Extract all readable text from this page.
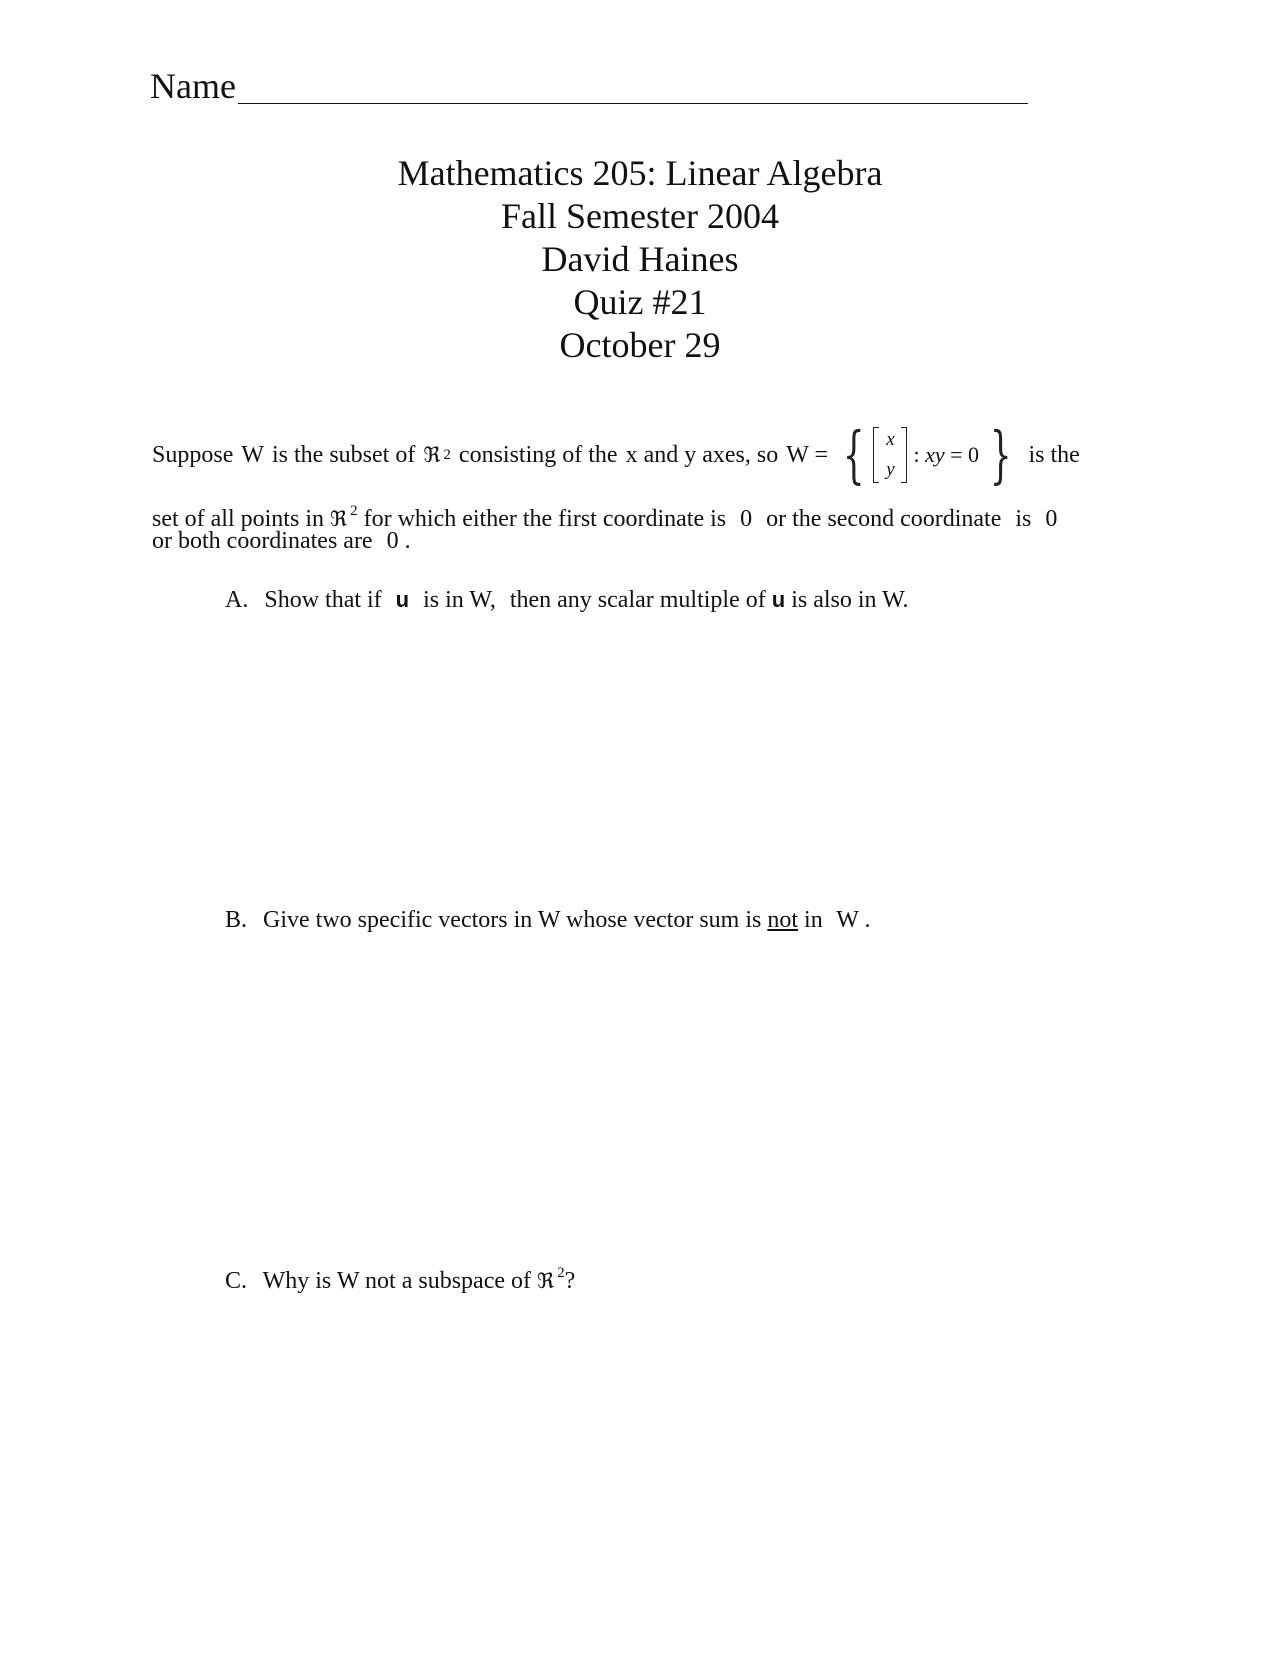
Name
Mathematics 205: Linear Algebra
Fall Semester 2004
David Haines
Quiz #21
October 29
Suppose W is the subset of ℜ 2 consisting of the x and y axes, so W = { x
y
: xy = 0 } is the
set of all points in ℜ $^2$ for which either the first coordinate is 0 or the second coordinate is 0
or both coordinates are 0 .
A. Show that if u is in W, then any scalar multiple of u is also in W.
B. Give two specific vectors in W whose vector sum is not in W .
C. Why is W not a subspace of ℜ $^2$?
